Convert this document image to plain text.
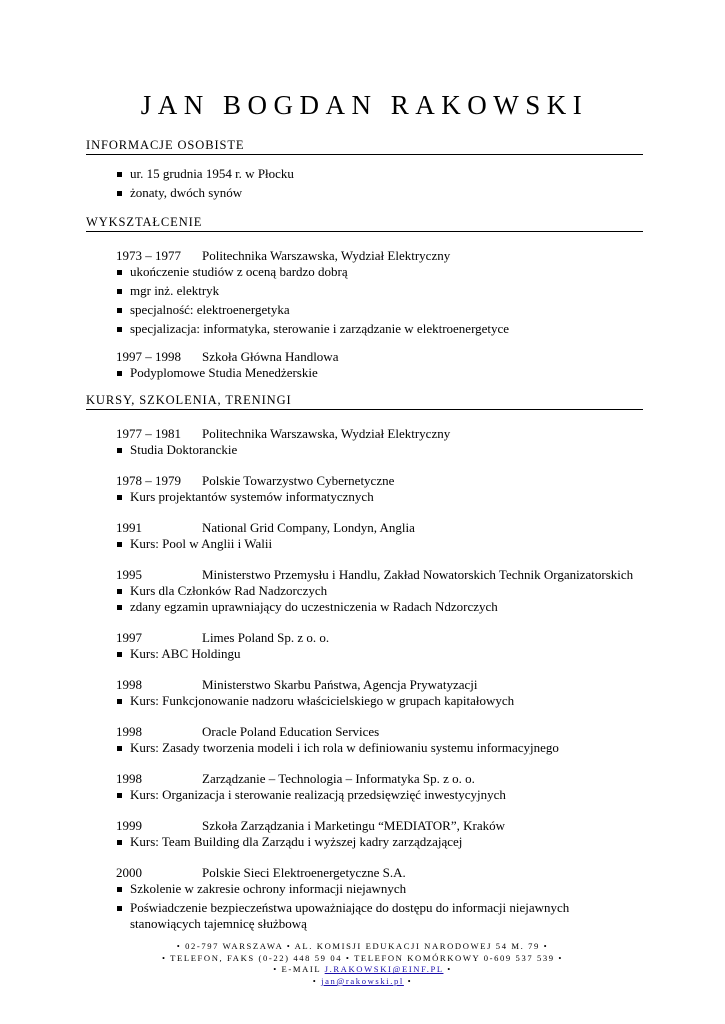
JAN BOGDAN RAKOWSKI
INFORMACJE OSOBISTE
ur. 15 grudnia 1954 r. w Płocku
żonaty, dwóch synów
WYKSZTAŁCENIE
1973 – 1977 Politechnika Warszawska, Wydział Elektryczny
ukończenie studiów z oceną bardzo dobrą
mgr inż. elektryk
specjalność: elektroenergetyka
specjalizacja: informatyka, sterowanie i zarządzanie w elektroenergetyce
1997 – 1998 Szkoła Główna Handlowa
Podyplomowe Studia Menedżerskie
KURSY, SZKOLENIA, TRENINGI
1977 – 1981 Politechnika Warszawska, Wydział Elektryczny
Studia Doktoranckie
1978 – 1979 Polskie Towarzystwo Cybernetyczne
Kurs projektantów systemów informatycznych
1991	National Grid Company, Londyn, Anglia
Kurs: Pool w Anglii i Walii
1995	Ministerstwo Przemysłu i Handlu, Zakład Nowatorskich Technik Organizatorskich
Kurs dla Członków Rad Nadzorczych
zdany egzamin uprawniający do uczestniczenia w Radach Ndzorczych
1997	Limes Poland Sp. z o. o.
Kurs: ABC Holdingu
1998	Ministerstwo Skarbu Państwa, Agencja Prywatyzacji
Kurs: Funkcjonowanie nadzoru właścicielskiego w grupach kapitałowych
1998	Oracle Poland Education Services
Kurs: Zasady tworzenia modeli i ich rola w definiowaniu systemu informacyjnego
1998	Zarządzanie – Technologia – Informatyka Sp. z o. o.
Kurs: Organizacja i sterowanie realizacją przedsięwzięć inwestycyjnych
1999	Szkoła Zarządzania i Marketingu “MEDIATOR”, Kraków
Kurs: Team Building dla Zarządu i wyższej kadry zarządzającej
2000	Polskie Sieci Elektroenergetyczne S.A.
Szkolenie w zakresie ochrony informacji niejawnych
Poświadczenie bezpieczeństwa upoważniające do dostępu do informacji niejawnych stanowiących tajemnicę służbową
• 02-797 WARSZAWA • AL. KOMISJI EDUKACJI NARODOWEJ 54 M. 79 •
• TELEFON, FAKS (0-22) 448 59 04 • TELEFON KOMÓRKOWY 0-609 537 539 •
• E-MAIL J.RAKOWSKI@EINF.PL •
• jan@rakowski.pl •
